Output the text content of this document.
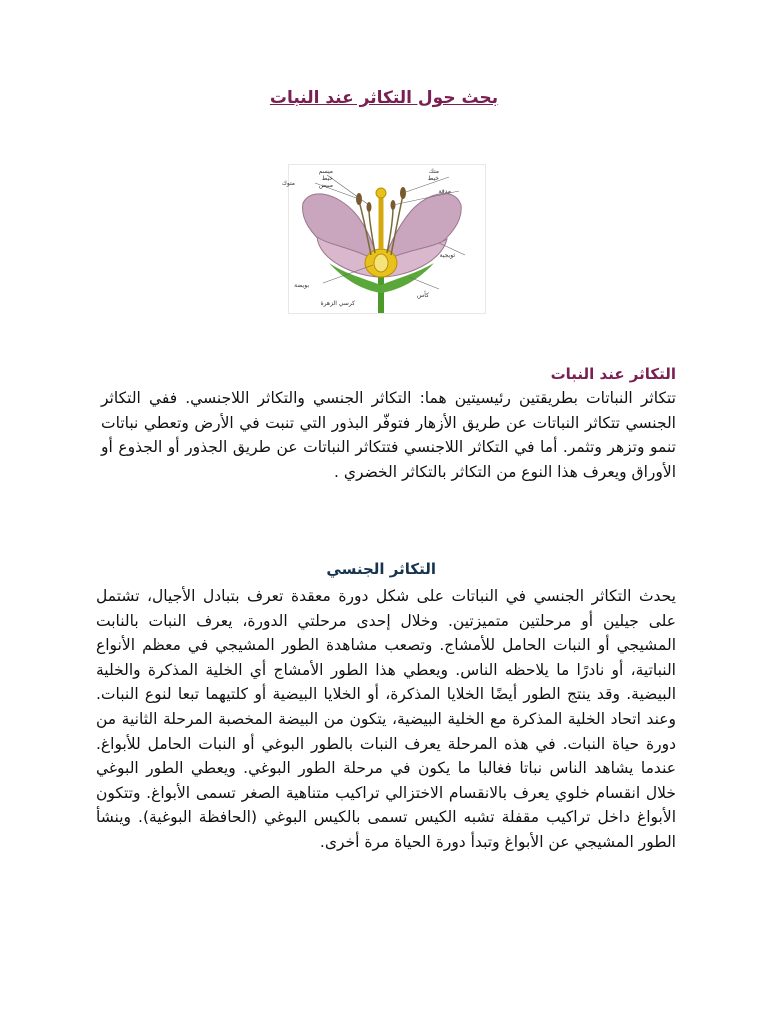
بحث حول التكاثر عند النبات
ميسم
خيط
مبيض
متوك
متك
خيط
مدقة
ثويجية
بويضة
كرسي الزهرة
كأس
التكاثر عند النبات

تتكاثر النباتات بطريقتين رئيسيتين هما: التكاثر الجنسي والتكاثر اللاجنسي. ففي التكاثر الجنسي تتكاثر النباتات عن طريق الأزهار فتوفّر البذور التي تنبت في الأرض وتعطي نباتات تنمو وتزهر وتثمر. أما في التكاثر اللاجنسي فتتكاثر النباتات عن طريق الجذور أو الجذوع أو الأوراق ويعرف هذا النوع من التكاثر بالتكاثر الخضري .

التكاثر الجنسي

يحدث التكاثر الجنسي في النباتات على شكل دورة معقدة تعرف بتبادل الأجيال، تشتمل على جيلين أو مرحلتين متميزتين. وخلال إحدى مرحلتي الدورة، يعرف النبات بالنابت المشيجي أو النبات الحامل للأمشاج. وتصعب مشاهدة الطور المشيجي في معظم الأنواع النباتية، أو نادرًا ما يلاحظه الناس. ويعطي هذا الطور الأمشاج أي الخلية المذكرة والخلية البيضية. وقد ينتج الطور أيضًا الخلايا المذكرة، أو الخلايا البيضية أو كلتيهما تبعا لنوع النبات. وعند اتحاد الخلية المذكرة مع الخلية البيضية، يتكون من البيضة المخصبة المرحلة الثانية من دورة حياة النبات. في هذه المرحلة يعرف النبات بالطور البوغي أو النبات الحامل للأبواغ. عندما يشاهد الناس نباتا فغالبا ما يكون في مرحلة الطور البوغي. ويعطي الطور البوغي خلال انقسام خلوي يعرف بالانقسام الاختزالي تراكيب متناهية الصغر تسمى الأبواغ. وتتكون الأبواغ داخل تراكيب مقفلة تشبه الكيس تسمى بالكيس البوغي (الحافظة البوغية). وينشأ الطور المشيجي عن الأبواغ وتبدأ دورة الحياة مرة أخرى.
